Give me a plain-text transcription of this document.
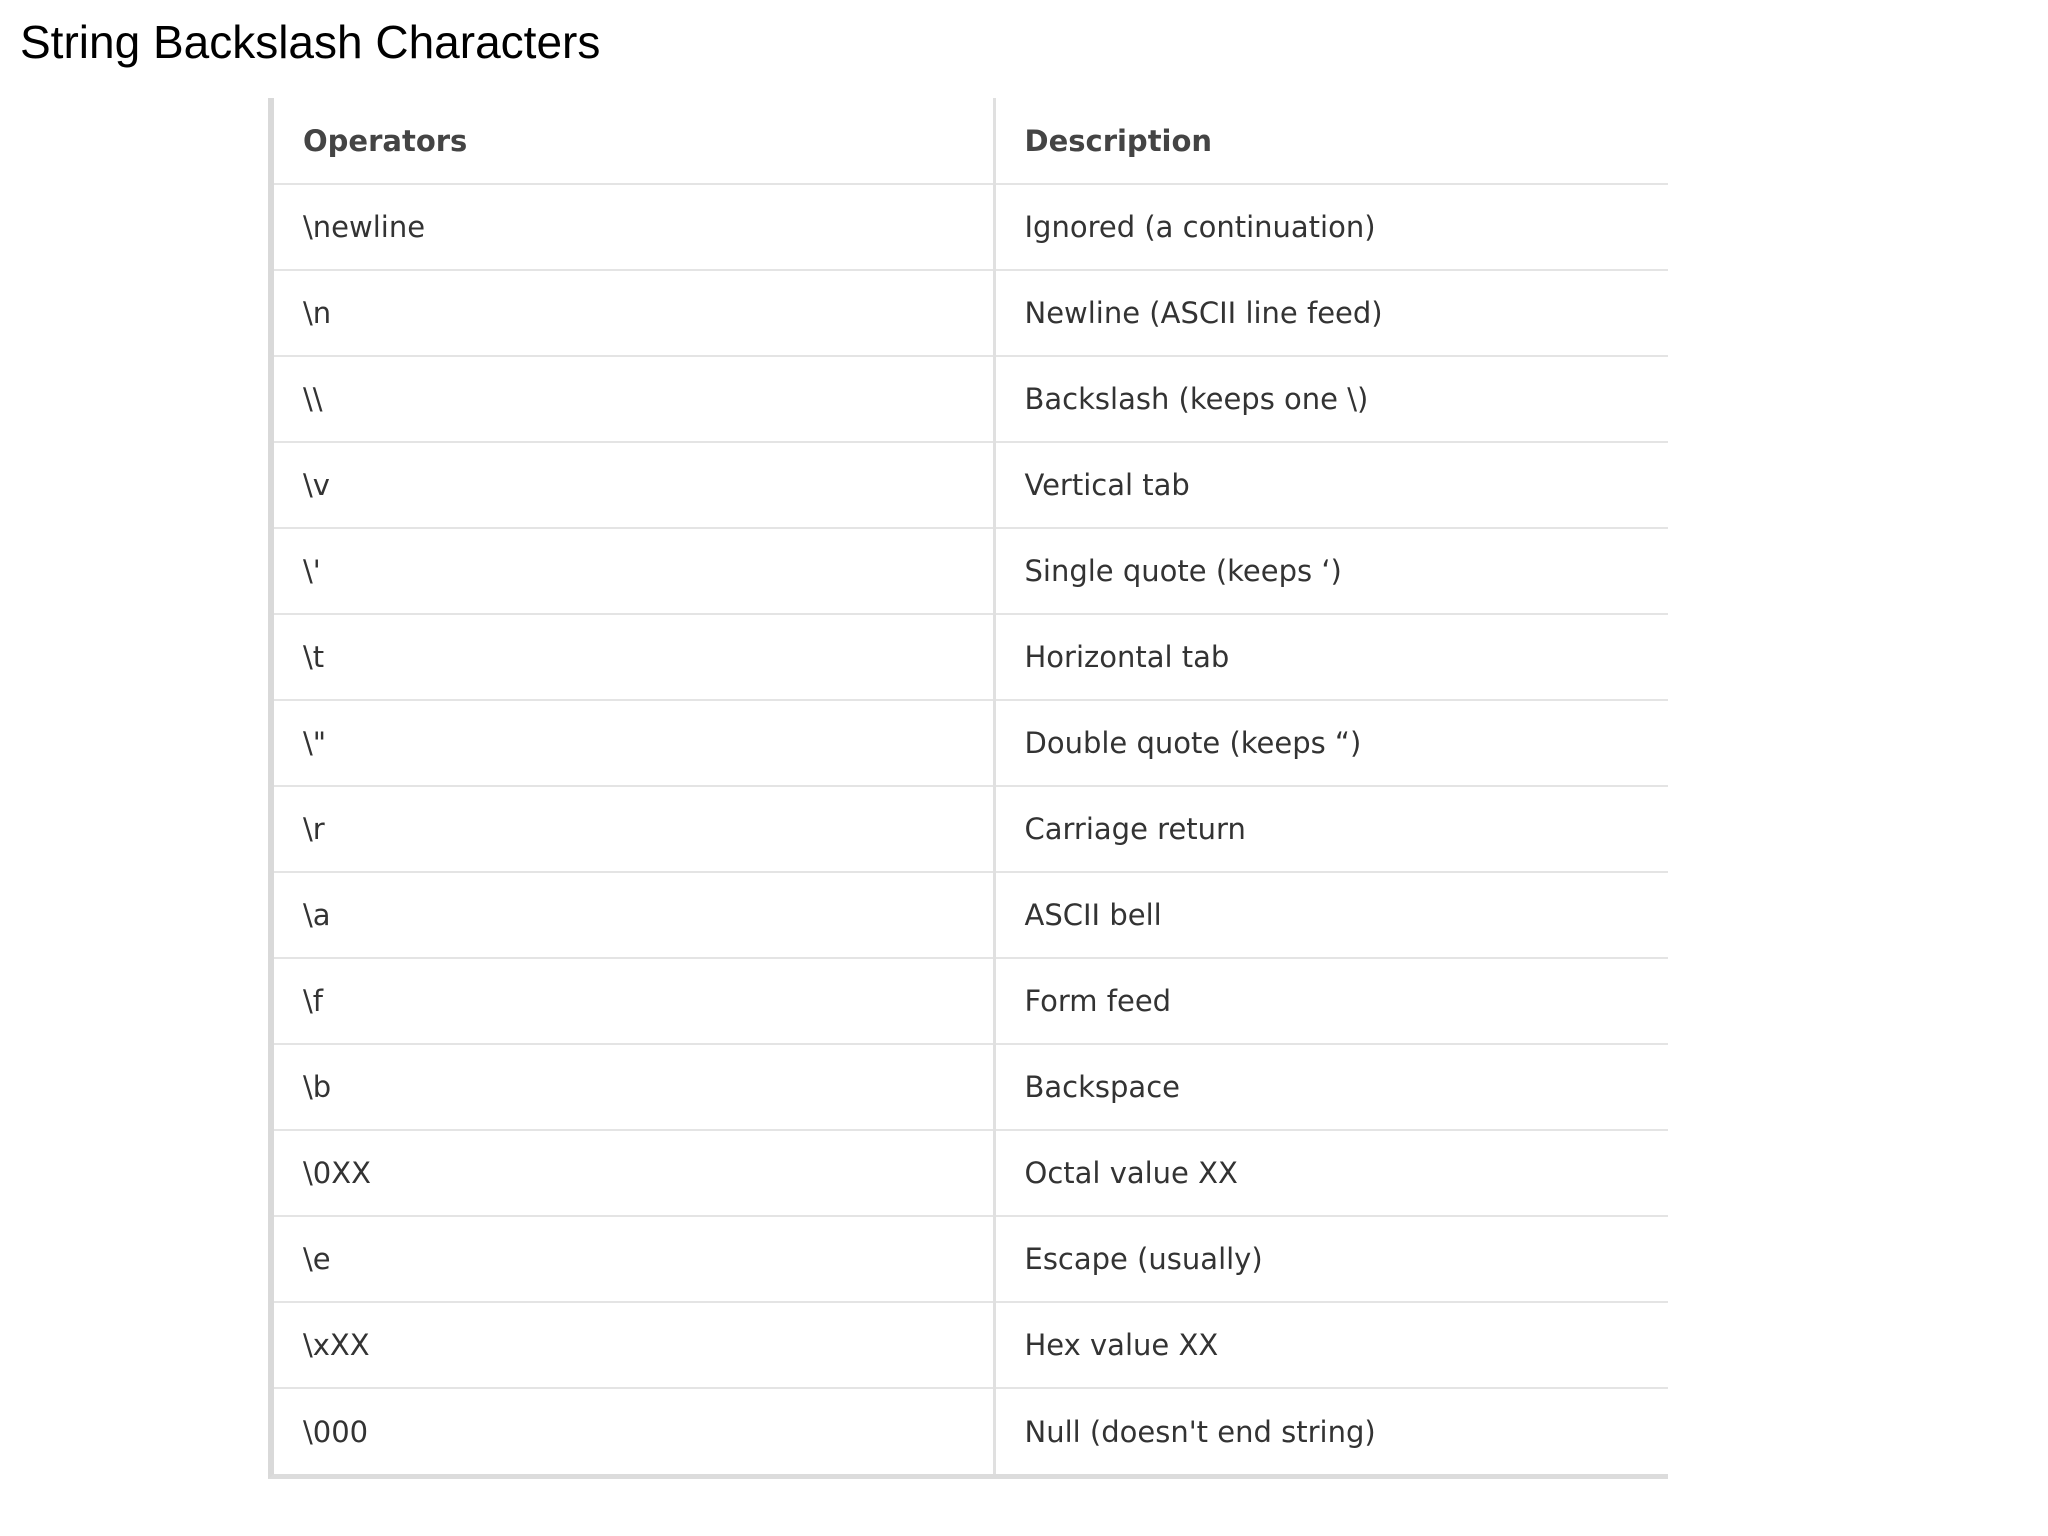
String Backslash Characters
Operators	Description
\newline	Ignored (a continuation)
\n	Newline (ASCII line feed)
\\	Backslash (keeps one \)
\v	Vertical tab
\'	Single quote (keeps ‘)
\t	Horizontal tab
\"	Double quote (keeps “)
\r	Carriage return
\a	ASCII bell
\f	Form feed
\b	Backspace
\0XX	Octal value XX
\e	Escape (usually)
\xXX	Hex value XX
\000	Null (doesn't end string)
